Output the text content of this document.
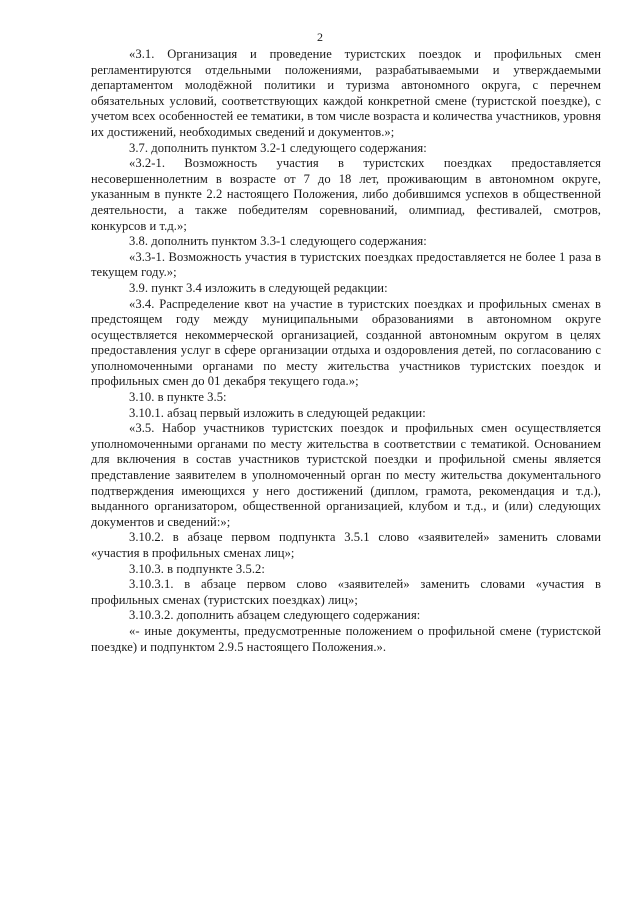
2

«3.1. Организация и проведение туристских поездок и профильных смен регламентируются отдельными положениями, разрабатываемыми и утверждаемыми департаментом молодёжной политики и туризма автономного округа, с перечнем обязательных условий, соответствующих каждой конкретной смене (туристской поездке), с учетом всех особенностей ее тематики, в том числе возраста и количества участников, уровня их достижений, необходимых сведений и документов.»;

3.7. дополнить пунктом 3.2-1 следующего содержания:

«3.2-1. Возможность участия в туристских поездках предоставляется несовершеннолетним в возрасте от 7 до 18 лет, проживающим в автономном округе, указанным в пункте 2.2 настоящего Положения, либо добившимся успехов в общественной деятельности, а также победителям соревнований, олимпиад, фестивалей, смотров, конкурсов и т.д.»;

3.8. дополнить пунктом 3.3-1 следующего содержания:

«3.3-1. Возможность участия в туристских поездках предоставляется не более 1 раза в текущем году.»;

3.9. пункт 3.4 изложить в следующей редакции:

«3.4. Распределение квот на участие в туристских поездках и профильных сменах в предстоящем году между муниципальными образованиями в автономном округе осуществляется некоммерческой организацией, созданной автономным округом в целях предоставления услуг в сфере организации отдыха и оздоровления детей, по согласованию с уполномоченными органами по месту жительства участников туристских поездок и профильных смен до 01 декабря текущего года.»;

3.10. в пункте 3.5:

3.10.1. абзац первый изложить в следующей редакции:

«3.5. Набор участников туристских поездок и профильных смен осуществляется уполномоченными органами по месту жительства в соответствии с тематикой. Основанием для включения в состав участников туристской поездки и профильной смены является представление заявителем в уполномоченный орган по месту жительства документального подтверждения имеющихся у него достижений (диплом, грамота, рекомендация и т.д.), выданного организатором, общественной организацией, клубом и т.д., и (или) следующих документов и сведений:»;

3.10.2. в абзаце первом подпункта 3.5.1 слово «заявителей» заменить словами «участия в профильных сменах лиц»;

3.10.3. в подпункте 3.5.2:

3.10.3.1. в абзаце первом слово «заявителей» заменить словами «участия в профильных сменах (туристских поездках) лиц»;

3.10.3.2. дополнить абзацем следующего содержания:

«- иные документы, предусмотренные положением о профильной смене (туристской поездке) и подпунктом 2.9.5 настоящего Положения.».
